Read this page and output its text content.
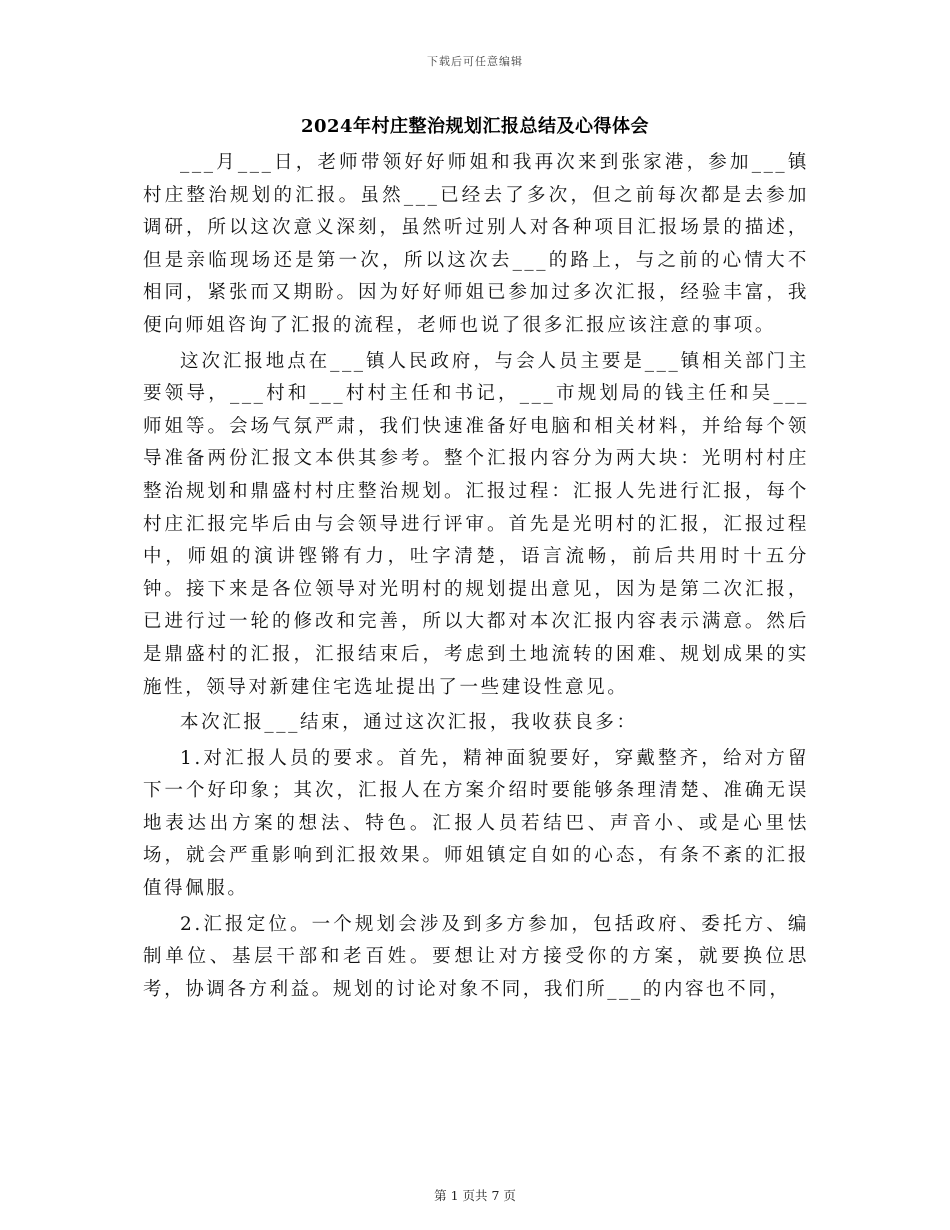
下载后可任意编辑
2024年村庄整治规划汇报总结及心得体会

___月___日，老师带领好好师姐和我再次来到张家港，参加___镇村庄整治规划的汇报。虽然___已经去了多次，但之前每次都是去参加调研，所以这次意义深刻，虽然听过别人对各种项目汇报场景的描述，但是亲临现场还是第一次，所以这次去___的路上，与之前的心情大不相同，紧张而又期盼。因为好好师姐已参加过多次汇报，经验丰富，我便向师姐咨询了汇报的流程，老师也说了很多汇报应该注意的事项。

这次汇报地点在___镇人民政府，与会人员主要是___镇相关部门主要领导，___村和___村村主任和书记，___市规划局的钱主任和吴___师姐等。会场气氛严肃，我们快速准备好电脑和相关材料，并给每个领导准备两份汇报文本供其参考。整个汇报内容分为两大块：光明村村庄整治规划和鼎盛村村庄整治规划。汇报过程：汇报人先进行汇报，每个村庄汇报完毕后由与会领导进行评审。首先是光明村的汇报，汇报过程中，师姐的演讲铿锵有力，吐字清楚，语言流畅，前后共用时十五分钟。接下来是各位领导对光明村的规划提出意见，因为是第二次汇报，已进行过一轮的修改和完善，所以大都对本次汇报内容表示满意。然后是鼎盛村的汇报，汇报结束后，考虑到土地流转的困难、规划成果的实施性，领导对新建住宅选址提出了一些建设性意见。

本次汇报___结束，通过这次汇报，我收获良多：

1.对汇报人员的要求。首先，精神面貌要好，穿戴整齐，给对方留下一个好印象；其次，汇报人在方案介绍时要能够条理清楚、准确无误地表达出方案的想法、特色。汇报人员若结巴、声音小、或是心里怯场，就会严重影响到汇报效果。师姐镇定自如的心态，有条不紊的汇报值得佩服。

2.汇报定位。一个规划会涉及到多方参加，包括政府、委托方、编制单位、基层干部和老百姓。要想让对方接受你的方案，就要换位思考，协调各方利益。规划的讨论对象不同，我们所___的内容也不同，

第 1 页共 7 页
